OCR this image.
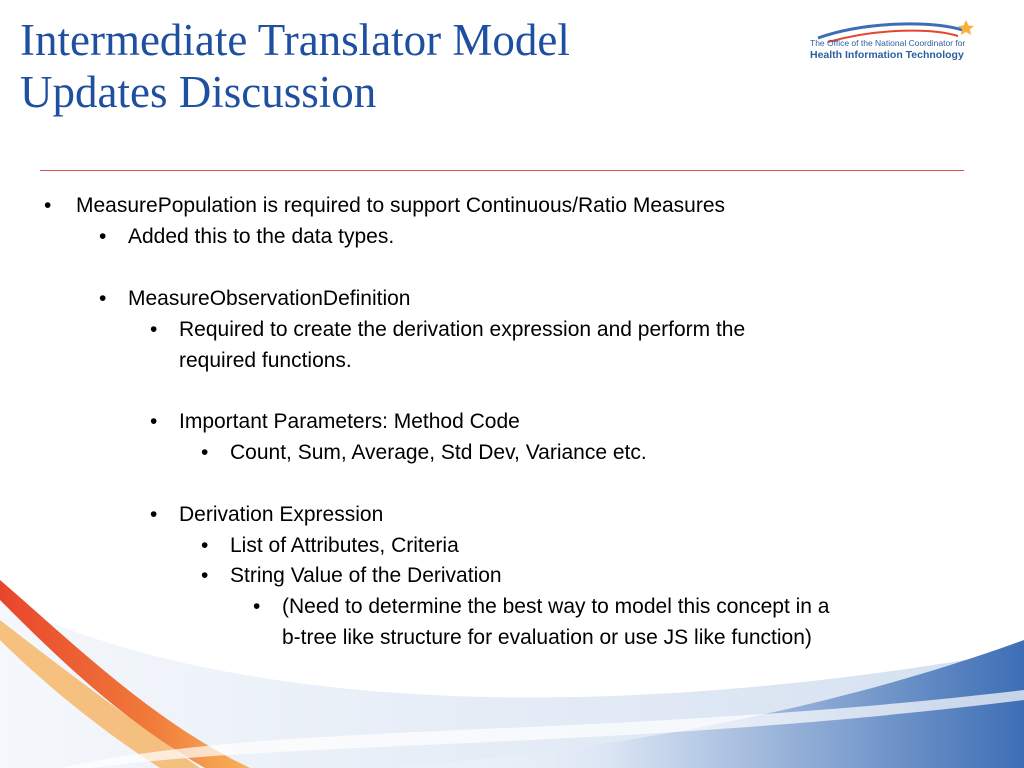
Intermediate Translator Model
Updates Discussion
The Office of the National Coordinator for
Health Information Technology
•	MeasurePopulation is required to support Continuous/Ratio Measures
•	Added this to the data types.
•	MeasureObservationDefinition
•	Required to create the derivation expression and perform the
required functions.
•	Important Parameters: Method Code
•	Count, Sum, Average, Std Dev, Variance etc.
•	Derivation Expression
•	List of Attributes, Criteria
•	String Value of the Derivation
•	(Need to determine the best way to model this concept in a
b-tree like structure for evaluation or use JS like function)
